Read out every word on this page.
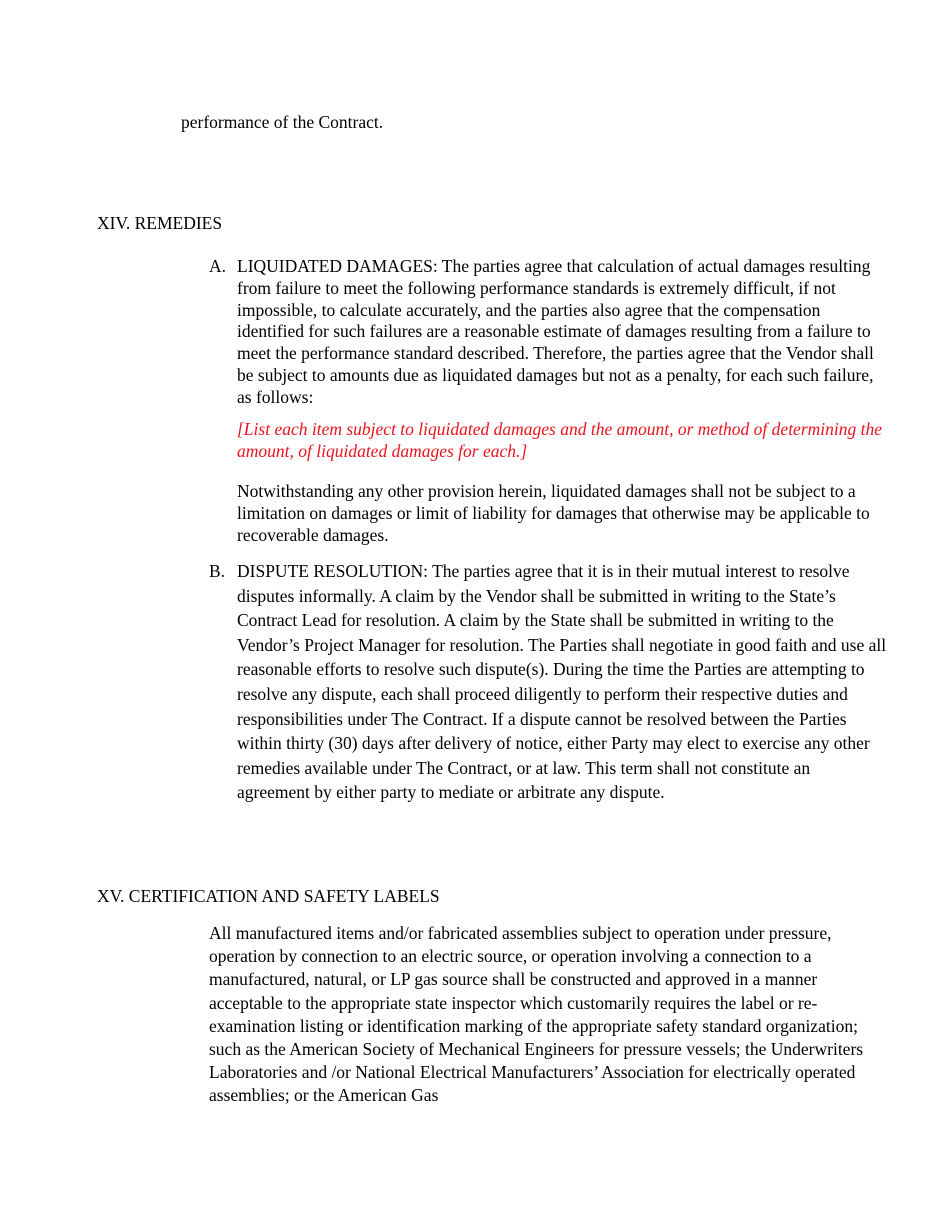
performance of the Contract.
XIV. REMEDIES
A. LIQUIDATED DAMAGES: The parties agree that calculation of actual damages resulting from failure to meet the following performance standards is extremely difficult, if not impossible, to calculate accurately, and the parties also agree that the compensation identified for such failures are a reasonable estimate of damages resulting from a failure to meet the performance standard described. Therefore, the parties agree that the Vendor shall be subject to amounts due as liquidated damages but not as a penalty, for each such failure, as follows:
[List each item subject to liquidated damages and the amount, or method of determining the amount, of liquidated damages for each.]
Notwithstanding any other provision herein, liquidated damages shall not be subject to a limitation on damages or limit of liability for damages that otherwise may be applicable to recoverable damages.
B. DISPUTE RESOLUTION: The parties agree that it is in their mutual interest to resolve disputes informally. A claim by the Vendor shall be submitted in writing to the State’s Contract Lead for resolution. A claim by the State shall be submitted in writing to the Vendor’s Project Manager for resolution. The Parties shall negotiate in good faith and use all reasonable efforts to resolve such dispute(s). During the time the Parties are attempting to resolve any dispute, each shall proceed diligently to perform their respective duties and responsibilities under The Contract. If a dispute cannot be resolved between the Parties within thirty (30) days after delivery of notice, either Party may elect to exercise any other remedies available under The Contract, or at law. This term shall not constitute an agreement by either party to mediate or arbitrate any dispute.
XV. CERTIFICATION AND SAFETY LABELS
All manufactured items and/or fabricated assemblies subject to operation under pressure, operation by connection to an electric source, or operation involving a connection to a manufactured, natural, or LP gas source shall be constructed and approved in a manner acceptable to the appropriate state inspector which customarily requires the label or re-examination listing or identification marking of the appropriate safety standard organization; such as the American Society of Mechanical Engineers for pressure vessels; the Underwriters Laboratories and /or National Electrical Manufacturers’ Association for electrically operated assemblies; or the American Gas
